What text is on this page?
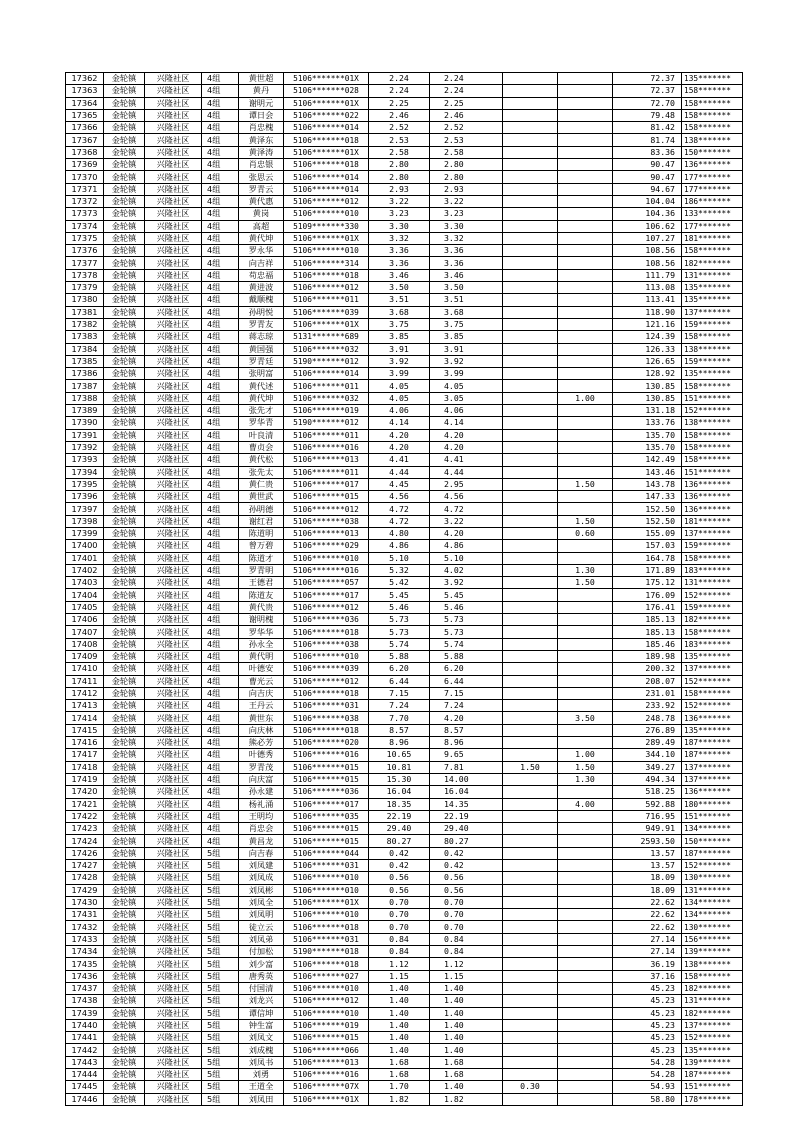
17362	金轮镇	兴隆社区	4组	黄世超	5106*******01X	2.24	2.24			72.37	135*******
17363	金轮镇	兴隆社区	4组	黄丹	5106*******028	2.24	2.24			72.37	158*******
17364	金轮镇	兴隆社区	4组	谢明元	5106*******01X	2.25	2.25			72.70	158*******
17365	金轮镇	兴隆社区	4组	谭日会	5106*******022	2.46	2.46			79.48	158*******
17366	金轮镇	兴隆社区	4组	肖忠槐	5106*******014	2.52	2.52			81.42	158*******
17367	金轮镇	兴隆社区	4组	黄泽东	5106*******018	2.53	2.53			81.74	138*******
17368	金轮镇	兴隆社区	4组	黄泽涛	5106*******01X	2.58	2.58			83.36	150*******
17369	金轮镇	兴隆社区	4组	肖忠银	5106*******018	2.80	2.80			90.47	136*******
17370	金轮镇	兴隆社区	4组	张思云	5106*******014	2.80	2.80			90.47	177*******
17371	金轮镇	兴隆社区	4组	罗青云	5106*******014	2.93	2.93			94.67	177*******
17372	金轮镇	兴隆社区	4组	黄代惠	5106*******012	3.22	3.22			104.04	186*******
17373	金轮镇	兴隆社区	4组	黄岗	5106*******010	3.23	3.23			104.36	133*******
17374	金轮镇	兴隆社区	4组	高超	5109*******330	3.30	3.30			106.62	177*******
17375	金轮镇	兴隆社区	4组	黄代坤	5106*******01X	3.32	3.32			107.27	181*******
17376	金轮镇	兴隆社区	4组	罗永华	5106*******010	3.36	3.36			108.56	158*******
17377	金轮镇	兴隆社区	4组	向吉祥	5106*******314	3.36	3.36			108.56	182*******
17378	金轮镇	兴隆社区	4组	苟忠福	5106*******018	3.46	3.46			111.79	131*******
17379	金轮镇	兴隆社区	4组	黄进波	5106*******012	3.50	3.50			113.08	135*******
17380	金轮镇	兴隆社区	4组	戴顺槐	5106*******011	3.51	3.51			113.41	135*******
17381	金轮镇	兴隆社区	4组	孙明悦	5106*******039	3.68	3.68			118.90	137*******
17382	金轮镇	兴隆社区	4组	罗青友	5106*******01X	3.75	3.75			121.16	159*******
17383	金轮镇	兴隆社区	4组	蒋志琼	5131*******689	3.85	3.85			124.39	158*******
17384	金轮镇	兴隆社区	4组	黄国强	5106*******032	3.91	3.91			126.33	138*******
17385	金轮镇	兴隆社区	4组	罗青廷	5190*******012	3.92	3.92			126.65	159*******
17386	金轮镇	兴隆社区	4组	张明富	5106*******014	3.99	3.99			128.92	135*******
17387	金轮镇	兴隆社区	4组	黄代述	5106*******011	4.05	4.05			130.85	158*******
17388	金轮镇	兴隆社区	4组	黄代坤	5106*******032	4.05	3.05		1.00	130.85	151*******
17389	金轮镇	兴隆社区	4组	张先才	5106*******019	4.06	4.06			131.18	152*******
17390	金轮镇	兴隆社区	4组	罗华青	5190*******012	4.14	4.14			133.76	138*******
17391	金轮镇	兴隆社区	4组	叶良清	5106*******011	4.20	4.20			135.70	158*******
17392	金轮镇	兴隆社区	4组	曹贞会	5106*******016	4.20	4.20			135.70	158*******
17393	金轮镇	兴隆社区	4组	黄代松	5106*******013	4.41	4.41			142.49	158*******
17394	金轮镇	兴隆社区	4组	张先太	5106*******011	4.44	4.44			143.46	151*******
17395	金轮镇	兴隆社区	4组	黄仁贵	5106*******017	4.45	2.95		1.50	143.78	136*******
17396	金轮镇	兴隆社区	4组	黄世武	5106*******015	4.56	4.56			147.33	136*******
17397	金轮镇	兴隆社区	4组	孙明德	5106*******012	4.72	4.72			152.50	136*******
17398	金轮镇	兴隆社区	4组	谢红君	5106*******038	4.72	3.22		1.50	152.50	181*******
17399	金轮镇	兴隆社区	4组	陈道明	5106*******013	4.80	4.20		0.60	155.09	137*******
17400	金轮镇	兴隆社区	4组	曾万碧	5106*******029	4.86	4.86			157.03	159*******
17401	金轮镇	兴隆社区	4组	陈道才	5106*******010	5.10	5.10			164.78	158*******
17402	金轮镇	兴隆社区	4组	罗青明	5106*******016	5.32	4.02		1.30	171.89	183*******
17403	金轮镇	兴隆社区	4组	王德君	5106*******057	5.42	3.92		1.50	175.12	131*******
17404	金轮镇	兴隆社区	4组	陈道友	5106*******017	5.45	5.45			176.09	152*******
17405	金轮镇	兴隆社区	4组	黄代贵	5106*******012	5.46	5.46			176.41	159*******
17406	金轮镇	兴隆社区	4组	谢明槐	5106*******036	5.73	5.73			185.13	182*******
17407	金轮镇	兴隆社区	4组	罗华华	5106*******018	5.73	5.73			185.13	158*******
17408	金轮镇	兴隆社区	4组	孙永全	5106*******038	5.74	5.74			185.46	183*******
17409	金轮镇	兴隆社区	4组	黄代明	5106*******010	5.88	5.88			189.98	135*******
17410	金轮镇	兴隆社区	4组	叶德安	5106*******039	6.20	6.20			200.32	137*******
17411	金轮镇	兴隆社区	4组	曹光云	5106*******012	6.44	6.44			208.07	152*******
17412	金轮镇	兴隆社区	4组	向吉庆	5106*******018	7.15	7.15			231.01	158*******
17413	金轮镇	兴隆社区	4组	王丹云	5106*******031	7.24	7.24			233.92	152*******
17414	金轮镇	兴隆社区	4组	黄世东	5106*******038	7.70	4.20		3.50	248.78	136*******
17415	金轮镇	兴隆社区	4组	向庆林	5106*******018	8.57	8.57			276.89	135*******
17416	金轮镇	兴隆社区	4组	熊必芳	5106*******020	8.96	8.96			289.49	187*******
17417	金轮镇	兴隆社区	4组	叶德秀	5106*******016	10.65	9.65		1.00	344.10	187*******
17418	金轮镇	兴隆社区	4组	罗青茂	5106*******015	10.81	7.81	1.50	1.50	349.27	137*******
17419	金轮镇	兴隆社区	4组	向庆富	5106*******015	15.30	14.00		1.30	494.34	137*******
17420	金轮镇	兴隆社区	4组	孙永建	5106*******036	16.04	16.04			518.25	136*******
17421	金轮镇	兴隆社区	4组	杨礼涌	5106*******017	18.35	14.35		4.00	592.88	180*******
17422	金轮镇	兴隆社区	4组	王明均	5106*******035	22.19	22.19			716.95	151*******
17423	金轮镇	兴隆社区	4组	肖忠会	5106*******015	29.40	29.40			949.91	134*******
17424	金轮镇	兴隆社区	4组	黄昌龙	5106*******015	80.27	80.27			2593.50	150*******
17426	金轮镇	兴隆社区	5组	向吉春	5106*******044	0.42	0.42			13.57	187*******
17427	金轮镇	兴隆社区	5组	刘凤建	5106*******031	0.42	0.42			13.57	152*******
17428	金轮镇	兴隆社区	5组	刘凤成	5106*******010	0.56	0.56			18.09	130*******
17429	金轮镇	兴隆社区	5组	刘凤彬	5106*******010	0.56	0.56			18.09	131*******
17430	金轮镇	兴隆社区	5组	刘凤全	5106*******01X	0.70	0.70			22.62	134*******
17431	金轮镇	兴隆社区	5组	刘凤明	5106*******010	0.70	0.70			22.62	134*******
17432	金轮镇	兴隆社区	5组	徒立云	5106*******018	0.70	0.70			22.62	130*******
17433	金轮镇	兴隆社区	5组	刘凤弟	5106*******031	0.84	0.84			27.14	156*******
17434	金轮镇	兴隆社区	5组	付加松	5190*******018	0.84	0.84			27.14	139*******
17435	金轮镇	兴隆社区	5组	刘少富	5106*******018	1.12	1.12			36.19	138*******
17436	金轮镇	兴隆社区	5组	唐秀英	5106*******027	1.15	1.15			37.16	158*******
17437	金轮镇	兴隆社区	5组	付国清	5106*******010	1.40	1.40			45.23	182*******
17438	金轮镇	兴隆社区	5组	刘龙兴	5106*******012	1.40	1.40			45.23	131*******
17439	金轮镇	兴隆社区	5组	谭信坤	5106*******010	1.40	1.40			45.23	182*******
17440	金轮镇	兴隆社区	5组	钟生富	5106*******019	1.40	1.40			45.23	137*******
17441	金轮镇	兴隆社区	5组	刘凤文	5106*******015	1.40	1.40			45.23	152*******
17442	金轮镇	兴隆社区	5组	刘成槐	5106*******066	1.40	1.40			45.23	135*******
17443	金轮镇	兴隆社区	5组	刘凤书	5106*******013	1.68	1.68			54.28	139*******
17444	金轮镇	兴隆社区	5组	刘勇	5106*******016	1.68	1.68			54.28	187*******
17445	金轮镇	兴隆社区	5组	王道全	5106*******07X	1.70	1.40	0.30		54.93	151*******
17446	金轮镇	兴隆社区	5组	刘凤田	5106*******01X	1.82	1.82			58.80	178*******
